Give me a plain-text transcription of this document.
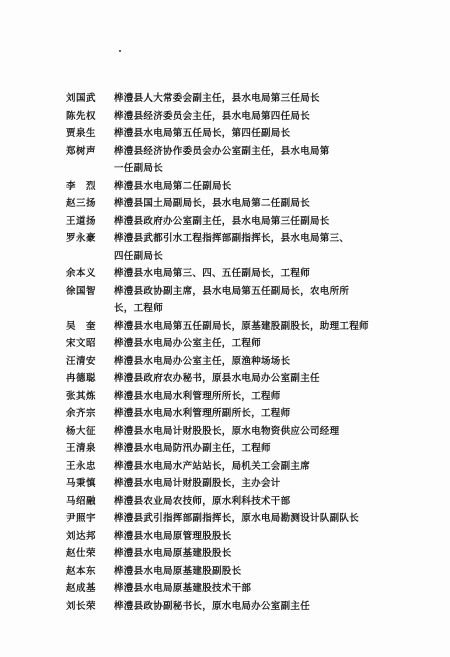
刘国武	桦澧县人大常委会副主任，县水电局第三任局长
陈先权	桦澧县经济委员会主任，县水电局第四任局长
贾泉生	桦澧县水电局第五任局长，第四任副局长
郑树声	桦澧县经济协作委员会办公室副主任，县水电局第
一任副局长
李　烈	桦澧县水电局第二任副局长
赵三扬	桦澧县国土局副局长，县水电局第二任副局长
王道扬	桦澧县政府办公室副主任，县水电局第三任副局长
罗永豪	桦澧县武都引水工程指挥部副指挥长，县水电局第三、
四任副局长
余本义	桦澧县水电局第三、四、五任副局长，工程师
徐国智	桦澧县政协副主席，县水电局第五任副局长，农电所所
长，工程师
吴　奎	桦澧县水电局第五任副局长，原基建股副股长，助理工程师
宋文昭	桦澧县水电局办公室主任，工程师
汪清安	桦澧县水电局办公室主任，原渔种场场长
冉德聪	桦澧县政府农办秘书，原县水电局办公室副主任
张其炼	桦澧县水电局水利管理所所长，工程师
余齐宗	桦澧县水电局水利管理所副所长，工程师
杨大征	桦澧县水电局计财股股长，原水电物资供应公司经理
王清泉	桦澧县水电局防汛办副主任，工程师
王永忠	桦澧县水电局水产站站长，局机关工会副主席
马秉慎	桦澧县水电局计财股副股长，主办会计
马绍融	桦澧县农业局农技师，原水利科技术干部
尹照宇	桦澧县武引指挥部副指挥长，原水电局勘测设计队副队长
刘达邦	桦澧县水电局原管理股股长
赵仕荣	桦澧县水电局原基建股股长
赵本东	桦澧县水电局原基建股副股长
赵成基	桦澧县水电局原基建股技术干部
刘长荣	桦澧县政协副秘书长，原水电局办公室副主任
